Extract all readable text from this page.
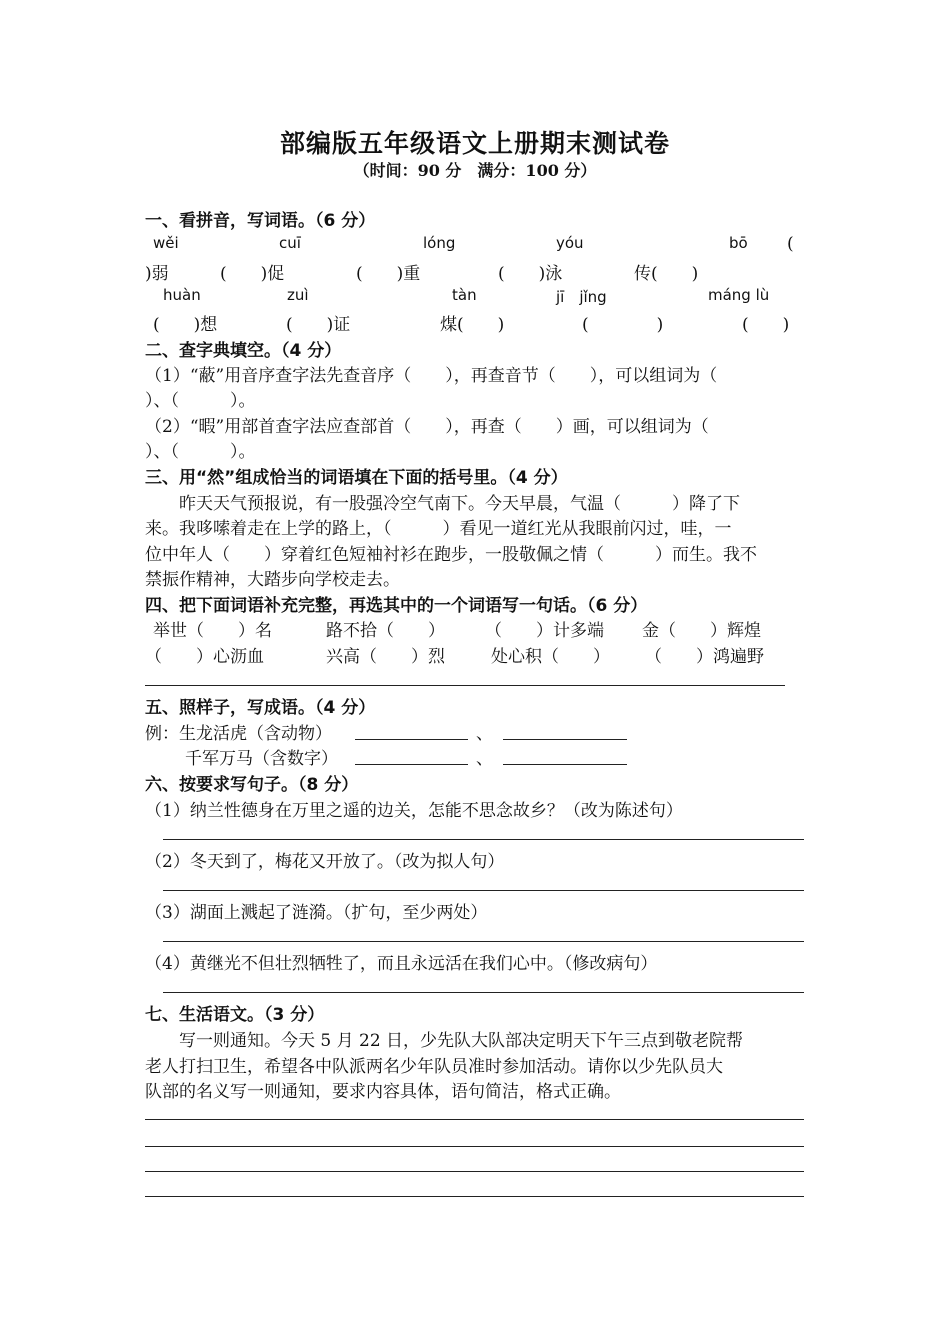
部编版五年级语文上册期末测试卷
（时间：90 分　满分：100 分）
一、看拼音，写词语。（6 分）
wěi	cuī	lóng	yóu	bō (
)弱	(　　)促	(　　)重	(　　)泳	传(　　)
huàn	zuì	tàn	jī　jǐng	máng lù
(　　)想	(　　)证	煤(　　)	(　　　　)	(　　)
二、查字典填空。（4 分）
（1）“蔽”用音序查字法先查音序（　　），再查音节（　　），可以组词为（
）、（　　　）。
（2）“暇”用部首查字法应查部首（　　），再查（　　）画，可以组词为（
）、（　　　）。
三、用“然”组成恰当的词语填在下面的括号里。（4 分）
　　昨天天气预报说，有一股强冷空气南下。今天早晨，气温（　　　）降了下
来。我哆嗦着走在上学的路上，（　　　）看见一道红光从我眼前闪过，哇，一
位中年人（　　）穿着红色短袖衬衫在跑步，一股敬佩之情（　　　）而生。我不
禁振作精神，大踏步向学校走去。
四、把下面词语补充完整，再选其中的一个词语写一句话。（6 分）
举世（　　）名	路不拾（　　） （　　）计多端 金（　　）辉煌
（　　）心沥血	兴高（　　）烈	处心积（　　） （　　）鸿遍野
五、照样子，写成语。（4 分）
例：生龙活虎（含动物）	、
千军万马（含数字）	、
六、按要求写句子。（8 分）
（1）纳兰性德身在万里之遥的边关，怎能不思念故乡？（改为陈述句）
（2）冬天到了，梅花又开放了。（改为拟人句）
（3）湖面上溅起了涟漪。（扩句，至少两处）
（4）黄继光不但壮烈牺牲了，而且永远活在我们心中。（修改病句）
七、生活语文。（3 分）
　　写一则通知。今天 5 月 22 日，少先队大队部决定明天下午三点到敬老院帮
老人打扫卫生，希望各中队派两名少年队员准时参加活动。请你以少先队员大
队部的名义写一则通知，要求内容具体，语句简洁，格式正确。
